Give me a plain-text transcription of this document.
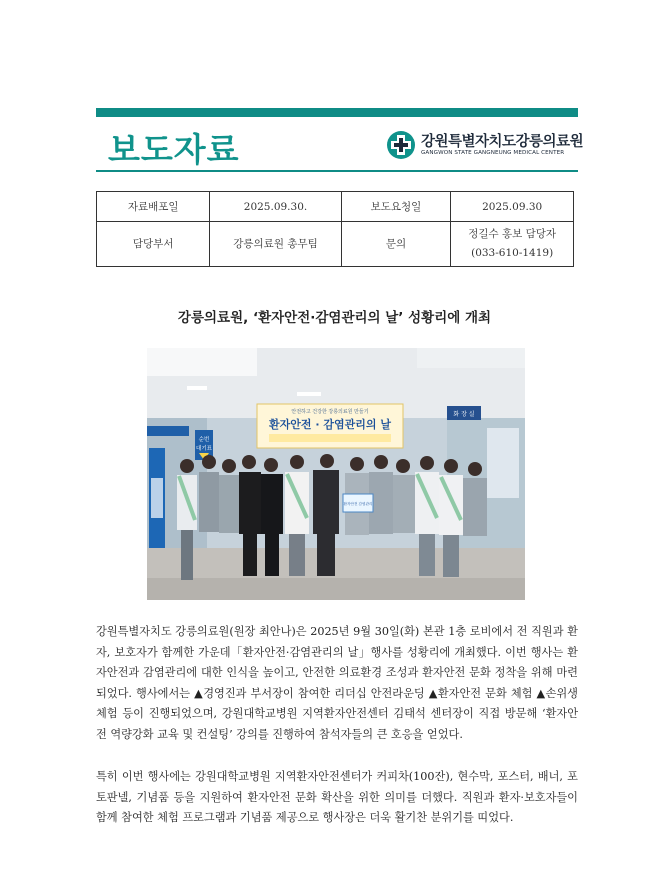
보도자료	강원특별자치도강릉의료원
GANGWON STATE GANGNEUNG MEDICAL CENTER
자료배포일	2025.09.30.	보도요청일	2025.09.30
담당부서	강릉의료원 총무팀	문의	정길수 홍보 담당자
(033-610-1419)
강릉의료원, ‘환자안전·감염관리의 날’ 성황리에 개최
순번
대기표
안전하고 건강한 강릉의료원 만들기
환자안전 · 감염관리의 날
화 장 실
환자안전 감염관리
강원특별자치도 강릉의료원(원장 최안나)은 2025년 9월 30일(화) 본관 1층 로비에서 전 직원과 환자, 보호자가 함께한 가운데「환자안전·감염관리의 날」행사를 성황리에 개최했다. 이번 행사는 환자안전과 감염관리에 대한 인식을 높이고, 안전한 의료환경 조성과 환자안전 문화 정착을 위해 마련되었다. 행사에서는 ▲경영진과 부서장이 참여한 리더십 안전라운딩 ▲환자안전 문화 체험 ▲손위생 체험 등이 진행되었으며, 강원대학교병원 지역환자안전센터 김태석 센터장이 직접 방문해 ‘환자안전 역량강화 교육 및 컨설팅’ 강의를 진행하여 참석자들의 큰 호응을 얻었다.
특히 이번 행사에는 강원대학교병원 지역환자안전센터가 커피차(100잔), 현수막, 포스터, 배너, 포토판넬, 기념품 등을 지원하여 환자안전 문화 확산을 위한 의미를 더했다. 직원과 환자·보호자들이 함께 참여한 체험 프로그램과 기념품 제공으로 행사장은 더욱 활기찬 분위기를 띠었다.
